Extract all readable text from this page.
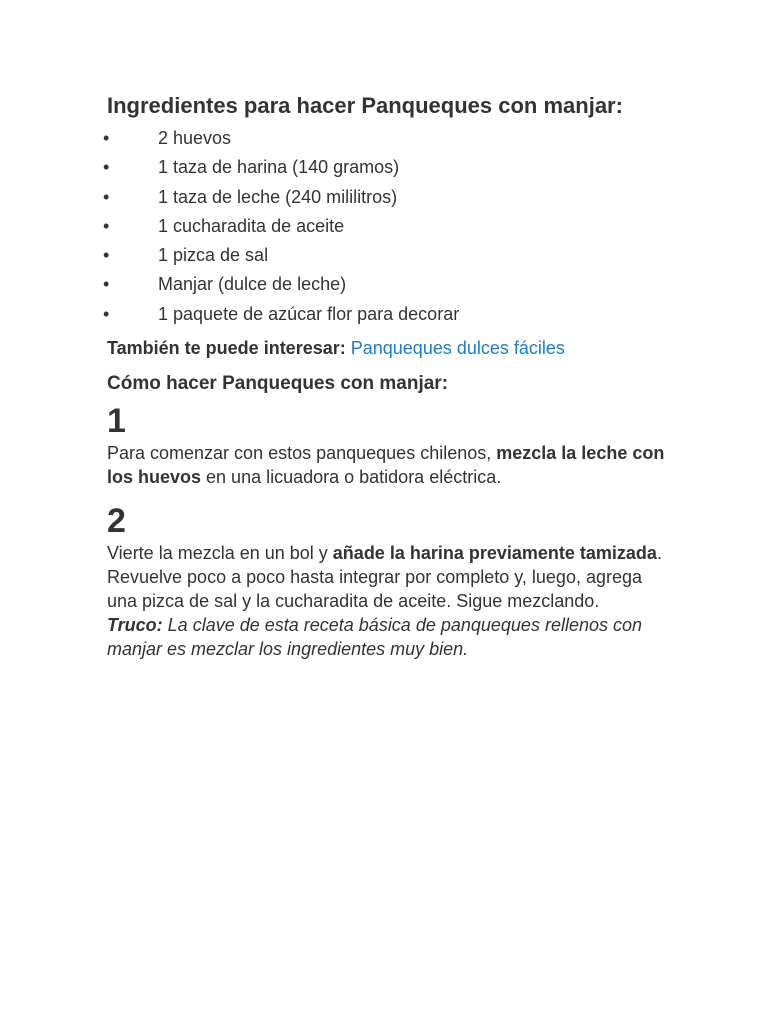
Ingredientes para hacer Panqueques con manjar:
•	2 huevos
•	1 taza de harina (140 gramos)
•	1 taza de leche (240 mililitros)
•	1 cucharadita de aceite
•	1 pizca de sal
•	Manjar (dulce de leche)
•	1 paquete de azúcar flor para decorar

También te puede interesar: Panqueques dulces fáciles

Cómo hacer Panqueques con manjar:
1

Para comenzar con estos panqueques chilenos, mezcla la leche con los huevos en una licuadora o batidora eléctrica.

2

Vierte la mezcla en un bol y añade la harina previamente tamizada. Revuelve poco a poco hasta integrar por completo y, luego, agrega una pizca de sal y la cucharadita de aceite. Sigue mezclando.

Truco: La clave de esta receta básica de panqueques rellenos con manjar es mezclar los ingredientes muy bien.
